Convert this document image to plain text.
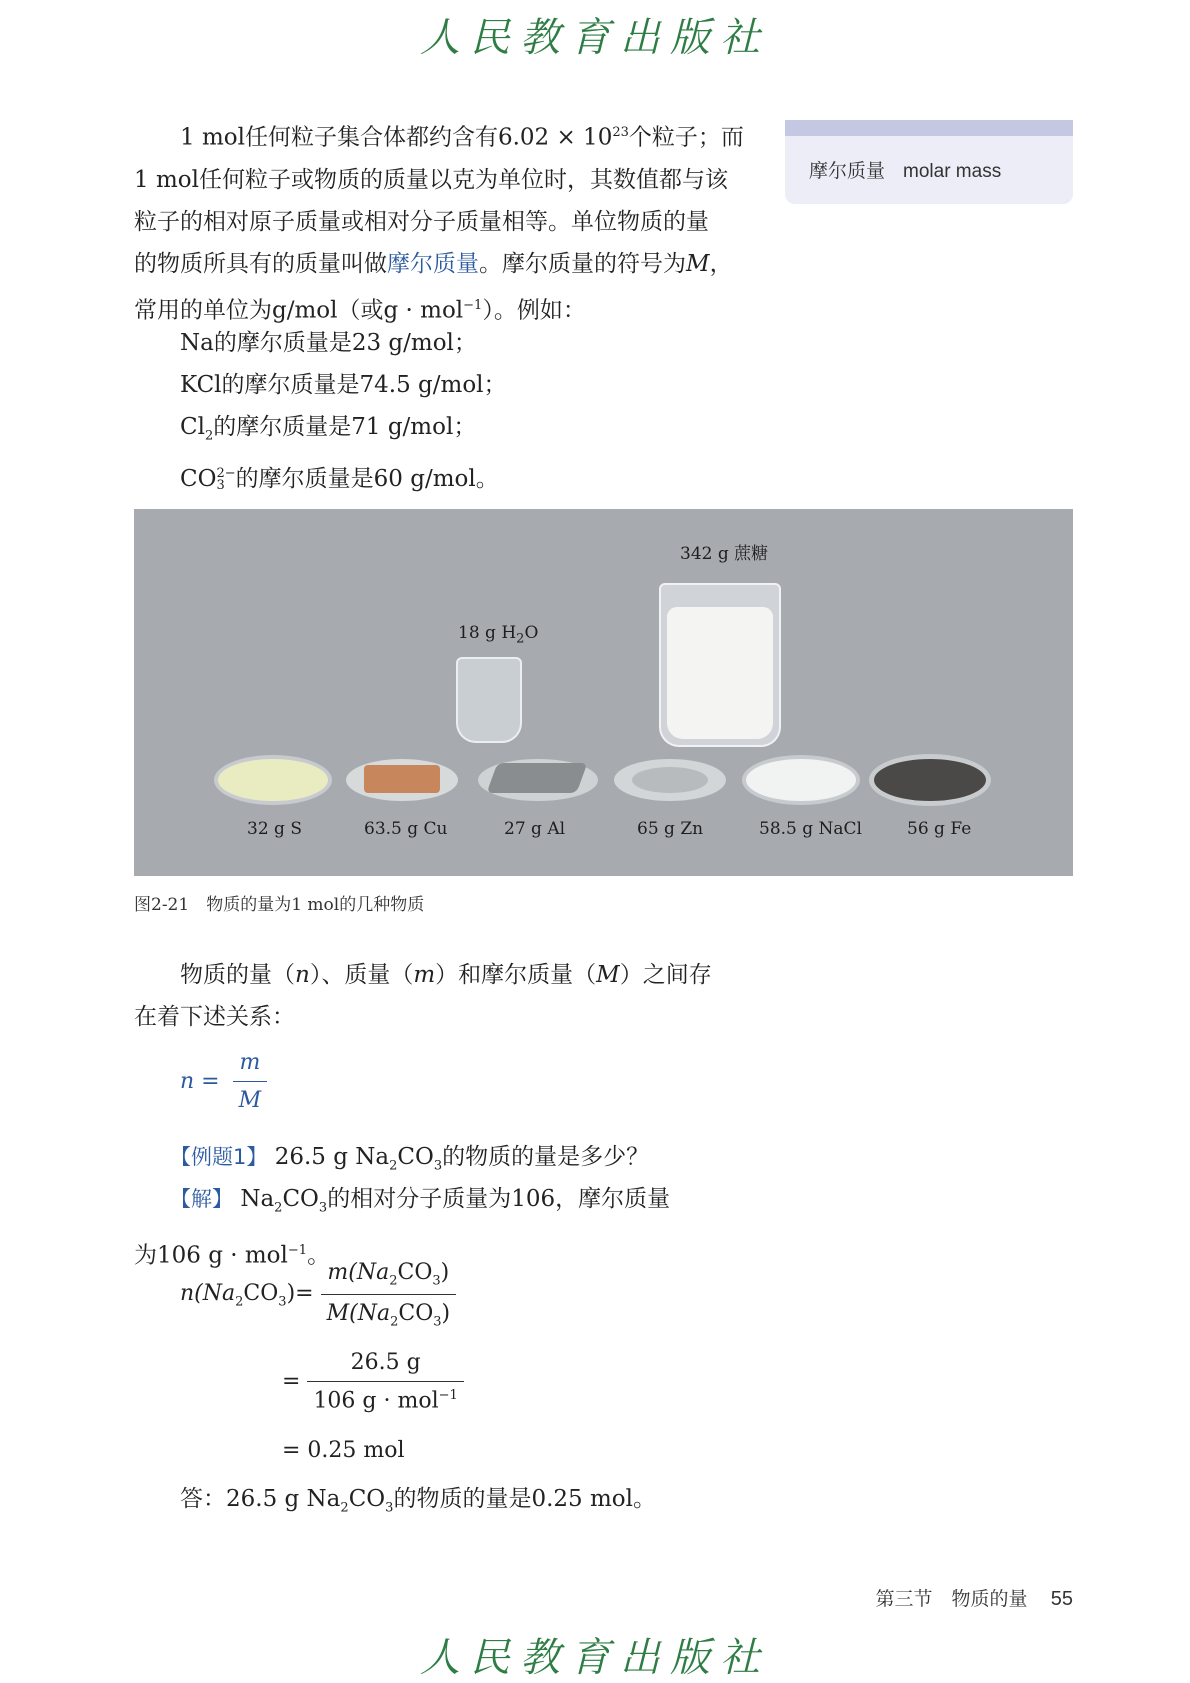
人民教育出版社
摩尔质量 molar mass
1 mol任何粒子集合体都约含有$6.02 \times 10^{23}$个粒子；而
1 mol任何粒子或物质的质量以克为单位时，其数值都与该
粒子的相对原子质量或相对分子质量相等。单位物质的量
的物质所具有的质量叫做摩尔质量。摩尔质量的符号为M，
常用的单位为g/mol（或g · mol$^{-1}$）。例如：
Na的摩尔质量是23 g/mol；
KCl的摩尔质量是74.5 g/mol；
$Cl_2$的摩尔质量是71 g/mol；
CO 2−
3 的摩尔质量是60 g/mol。
342 g 蔗糖
18 g $H_2O$
32 g S	63.5 g Cu	27 g Al	65 g Zn	58.5 g NaCl	56 g Fe
图2-21　物质的量为1 mol的几种物质
物质的量（n）、质量（m）和摩尔质量（M）之间存
在着下述关系：
$n = \frac{m}{M}$
【例题1】 26.5 g $Na_2CO_3$的物质的量是多少？
【解】 $Na_2CO_3$的相对分子质量为106，摩尔质量
为106 g · mol$^{-1}$。
$n(Na_2CO_3)= \frac{m(Na_2CO_3)}{M(Na_2CO_3)}$
= $\frac{26.5 g}{106 g \cdot mol^{-1}}$
= 0.25 mol
答：26.5 g $Na_2CO_3$的物质的量是0.25 mol。
第三节　物质的量 55
人民教育出版社
